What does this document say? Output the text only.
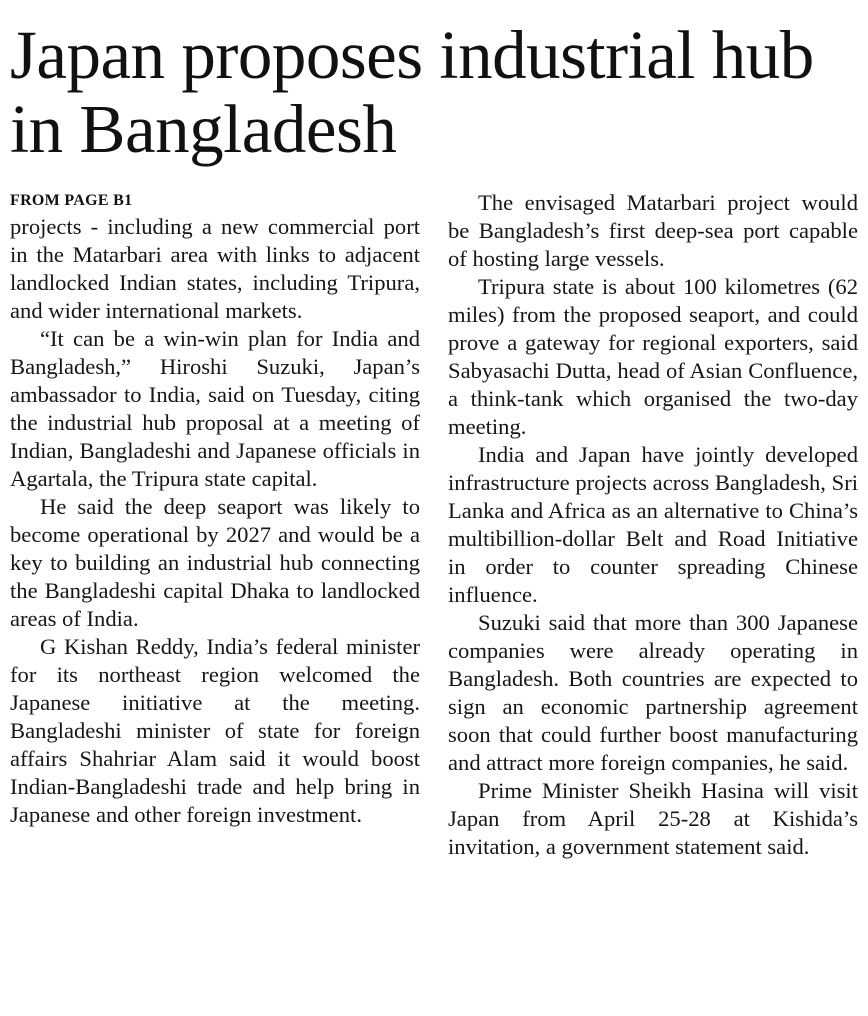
Japan proposes industrial hub in Bangladesh
FROM PAGE B1

projects - including a new commercial port in the Matarbari area with links to adjacent landlocked Indian states, including Tripura, and wider international markets.

“It can be a win-win plan for India and Bangladesh,” Hiroshi Suzuki, Japan’s ambassador to India, said on Tuesday, citing the industrial hub proposal at a meeting of Indian, Bangladeshi and Japanese officials in Agartala, the Tripura state capital.

He said the deep seaport was likely to become operational by 2027 and would be a key to building an industrial hub connecting the Bangladeshi capital Dhaka to landlocked areas of India.

G Kishan Reddy, India’s federal minister for its northeast region welcomed the Japanese initiative at the meeting. Bangladeshi minister of state for foreign affairs Shahriar Alam said it would boost Indian-Bangladeshi trade and help bring in Japanese and other foreign investment.

The envisaged Matarbari project would be Bangladesh’s first deep-sea port capable of hosting large vessels.

Tripura state is about 100 kilometres (62 miles) from the proposed seaport, and could prove a gateway for regional exporters, said Sabyasachi Dutta, head of Asian Confluence, a think-tank which organised the two-day meeting.

India and Japan have jointly developed infrastructure projects across Bangladesh, Sri Lanka and Africa as an alternative to China’s multibillion-dollar Belt and Road Initiative in order to counter spreading Chinese influence.

Suzuki said that more than 300 Japanese companies were already operating in Bangladesh. Both countries are expected to sign an economic partnership agreement soon that could further boost manufacturing and attract more foreign companies, he said.

Prime Minister Sheikh Hasina will visit Japan from April 25-28 at Kishida’s invitation, a government statement said.
